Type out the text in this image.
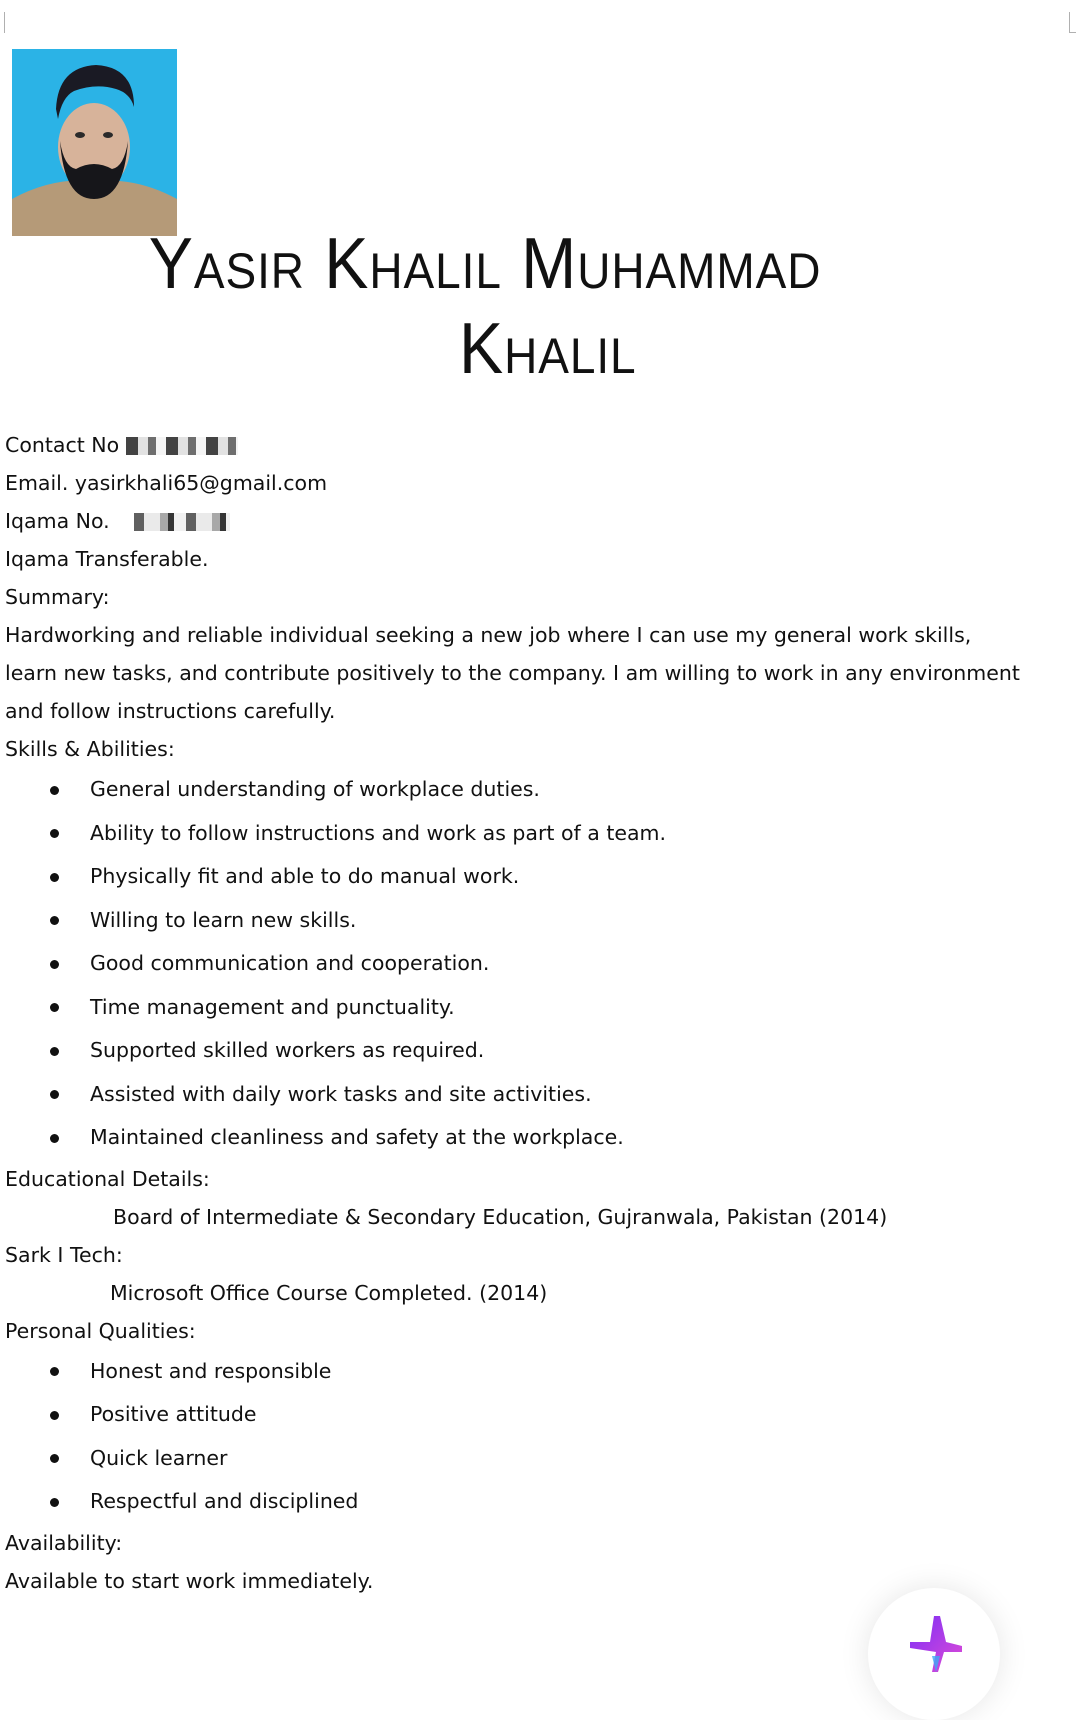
Yasir Khalil Muhammad
Khalil
Contact No
Email. yasirkhali65@gmail.com
Iqama No.
Iqama Transferable.
Summary:
Hardworking and reliable individual seeking a new job where I can use my general work skills,
learn new tasks, and contribute positively to the company. I am willing to work in any environment
and follow instructions carefully.
Skills & Abilities:
General understanding of workplace duties.
Ability to follow instructions and work as part of a team.
Physically fit and able to do manual work.
Willing to learn new skills.
Good communication and cooperation.
Time management and punctuality.
Supported skilled workers as required.
Assisted with daily work tasks and site activities.
Maintained cleanliness and safety at the workplace.
Educational Details:
Board of Intermediate & Secondary Education, Gujranwala, Pakistan (2014)
Sark I Tech:
Microsoft Office Course Completed. (2014)
Personal Qualities:
Honest and responsible
Positive attitude
Quick learner
Respectful and disciplined
Availability:
Available to start work immediately.
